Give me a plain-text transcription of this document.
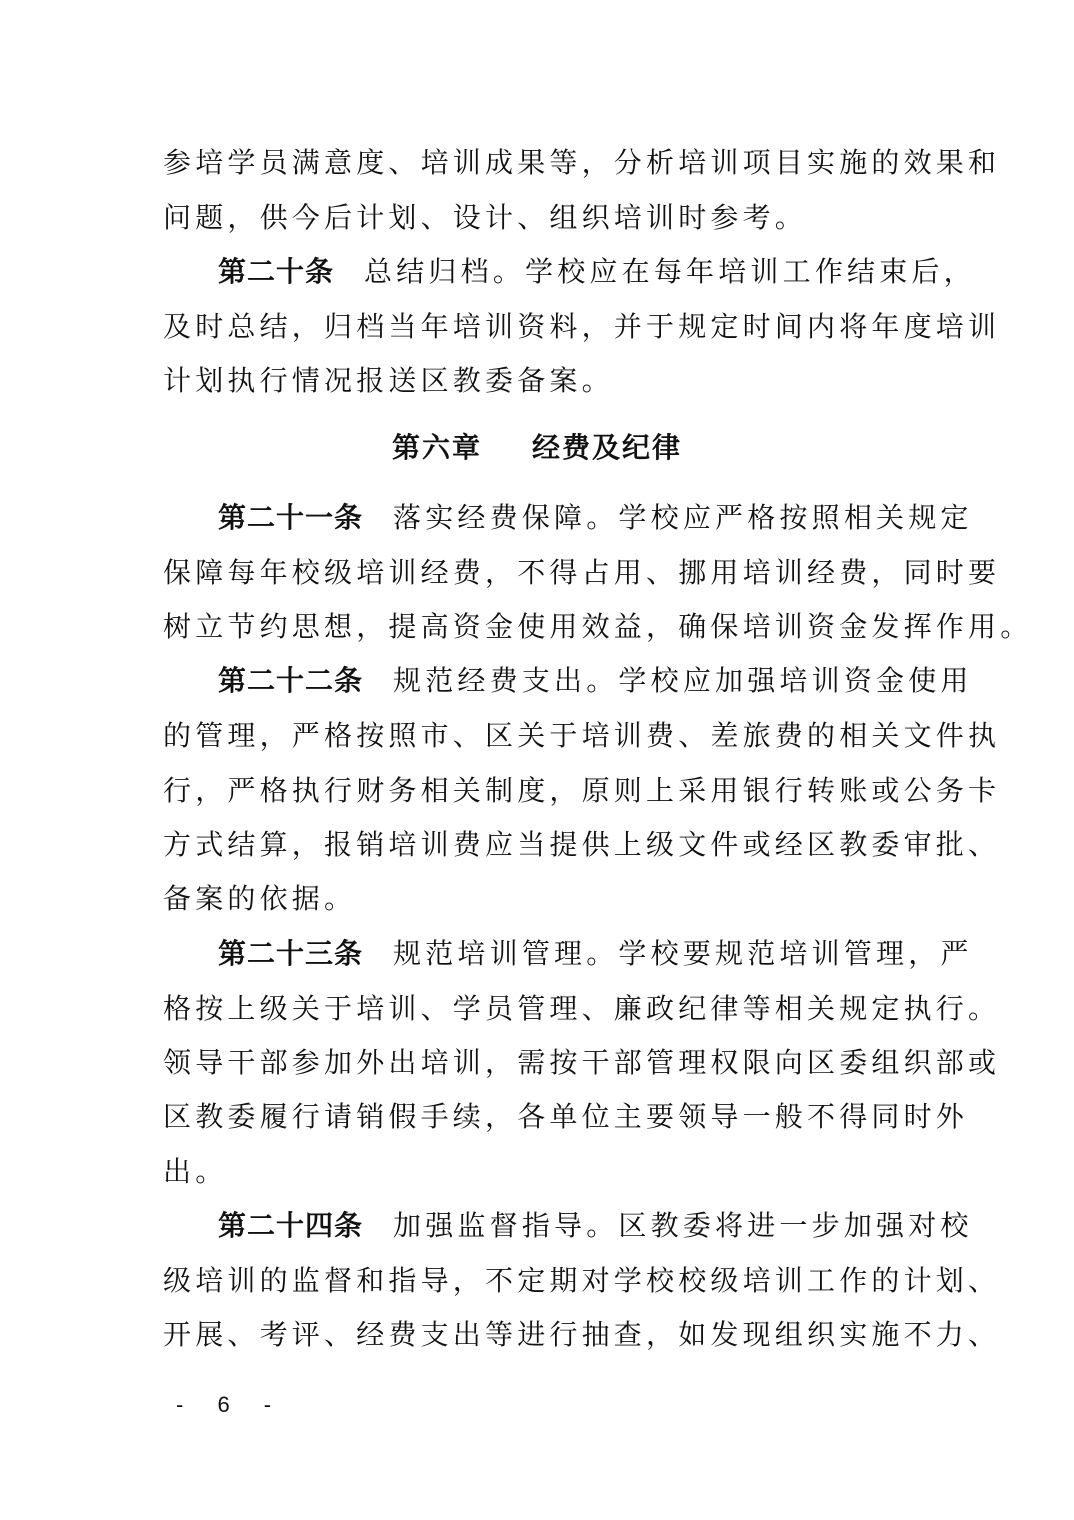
参培学员满意度、培训成果等，分析培训项目实施的效果和
问题，供今后计划、设计、组织培训时参考。
第二十条 总结归档。学校应在每年培训工作结束后，
及时总结，归档当年培训资料，并于规定时间内将年度培训
计划执行情况报送区教委备案。
第六章 经费及纪律
第二十一条 落实经费保障。学校应严格按照相关规定
保障每年校级培训经费，不得占用、挪用培训经费，同时要
树立节约思想，提高资金使用效益，确保培训资金发挥作用。
第二十二条 规范经费支出。学校应加强培训资金使用
的管理，严格按照市、区关于培训费、差旅费的相关文件执
行，严格执行财务相关制度，原则上采用银行转账或公务卡
方式结算，报销培训费应当提供上级文件或经区教委审批、
备案的依据。
第二十三条 规范培训管理。学校要规范培训管理，严
格按上级关于培训、学员管理、廉政纪律等相关规定执行。
领导干部参加外出培训，需按干部管理权限向区委组织部或
区教委履行请销假手续，各单位主要领导一般不得同时外
出。
第二十四条 加强监督指导。区教委将进一步加强对校
级培训的监督和指导，不定期对学校校级培训工作的计划、
开展、考评、经费支出等进行抽查，如发现组织实施不力、
- 6 -
